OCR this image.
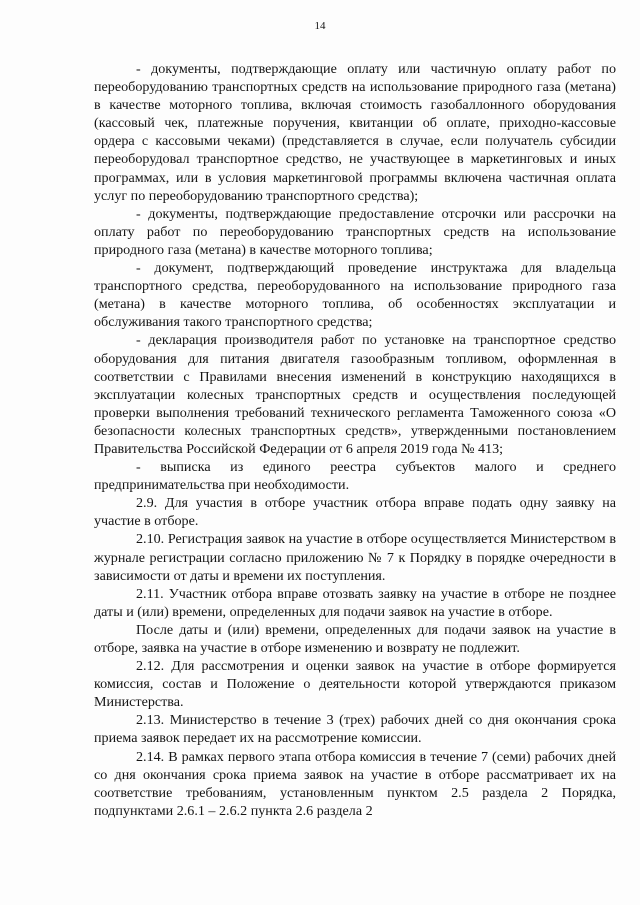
14

- документы, подтверждающие оплату или частичную оплату работ по переоборудованию транспортных средств на использование природного газа (метана) в качестве моторного топлива, включая стоимость газобаллонного оборудования (кассовый чек, платежные поручения, квитанции об оплате, приходно-кассовые ордера с кассовыми чеками) (представляется в случае, если получатель субсидии переоборудовал транспортное средство, не участвующее в маркетинговых и иных программах, или в условия маркетинговой программы включена частичная оплата услуг по переоборудованию транспортного средства);

- документы, подтверждающие предоставление отсрочки или рассрочки на оплату работ по переоборудованию транспортных средств на использование природного газа (метана) в качестве моторного топлива;

- документ, подтверждающий проведение инструктажа для владельца транспортного средства, переоборудованного на использование природного газа (метана) в качестве моторного топлива, об особенностях эксплуатации и обслуживания такого транспортного средства;

- декларация производителя работ по установке на транспортное средство оборудования для питания двигателя газообразным топливом, оформленная в соответствии с Правилами внесения изменений в конструкцию находящихся в эксплуатации колесных транспортных средств и осуществления последующей проверки выполнения требований технического регламента Таможенного союза «О безопасности колесных транспортных средств», утвержденными постановлением Правительства Российской Федерации от 6 апреля 2019 года № 413;

- выписка из единого реестра субъектов малого и среднего предпринимательства при необходимости.

2.9. Для участия в отборе участник отбора вправе подать одну заявку на участие в отборе.

2.10. Регистрация заявок на участие в отборе осуществляется Министерством в журнале регистрации согласно приложению № 7 к Порядку в порядке очередности в зависимости от даты и времени их поступления.

2.11. Участник отбора вправе отозвать заявку на участие в отборе не позднее даты и (или) времени, определенных для подачи заявок на участие в отборе.

После даты и (или) времени, определенных для подачи заявок на участие в отборе, заявка на участие в отборе изменению и возврату не подлежит.

2.12. Для рассмотрения и оценки заявок на участие в отборе формируется комиссия, состав и Положение о деятельности которой утверждаются приказом Министерства.

2.13. Министерство в течение 3 (трех) рабочих дней со дня окончания срока приема заявок передает их на рассмотрение комиссии.

2.14. В рамках первого этапа отбора комиссия в течение 7 (семи) рабочих дней со дня окончания срока приема заявок на участие в отборе рассматривает их на соответствие требованиям, установленным пунктом 2.5 раздела 2 Порядка, подпунктами 2.6.1 – 2.6.2 пункта 2.6 раздела 2
